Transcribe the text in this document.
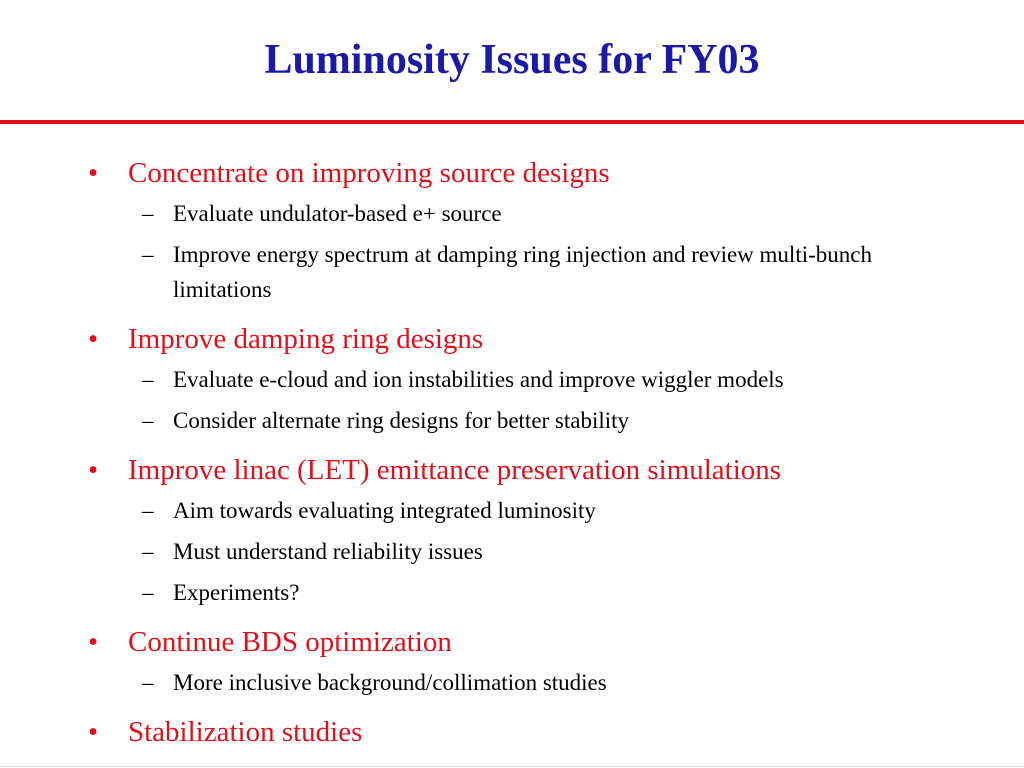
Luminosity Issues for FY03
• Concentrate on improving source designs
– Evaluate undulator-based e+ source
– Improve energy spectrum at damping ring injection and review multi-bunch limitations
• Improve damping ring designs
– Evaluate e-cloud and ion instabilities and improve wiggler models
– Consider alternate ring designs for better stability
• Improve linac (LET) emittance preservation simulations
– Aim towards evaluating integrated luminosity
– Must understand reliability issues
– Experiments?
• Continue BDS optimization
– More inclusive background/collimation studies
• Stabilization studies
